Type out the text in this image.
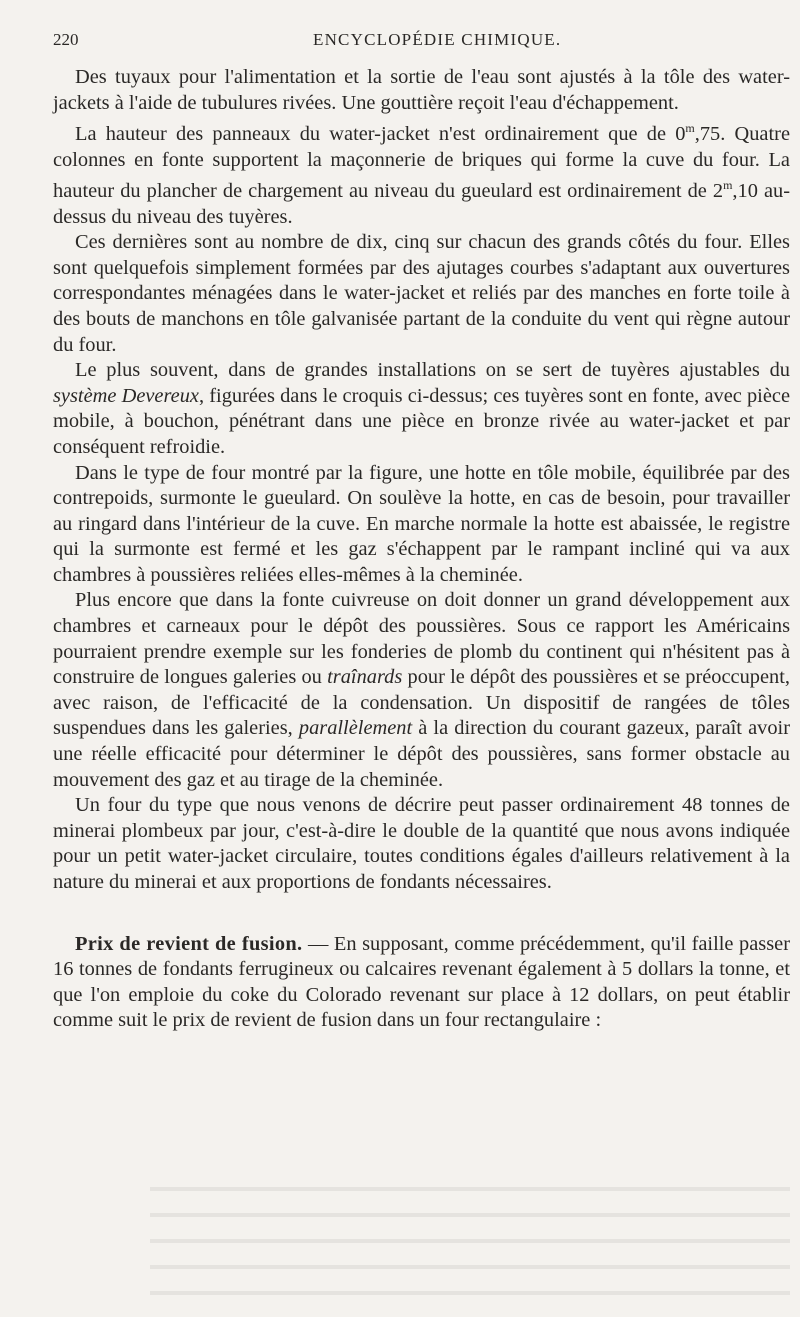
220	ENCYCLOPÉDIE CHIMIQUE.

Des tuyaux pour l'alimentation et la sortie de l'eau sont ajustés à la tôle des water-jackets à l'aide de tubulures rivées. Une gouttière reçoit l'eau d'échappement.

La hauteur des panneaux du water-jacket n'est ordinairement que de 0$^m$,75. Quatre colonnes en fonte supportent la maçonnerie de briques qui forme la cuve du four. La hauteur du plancher de chargement au niveau du gueulard est ordinairement de 2$^m$,10 au-dessus du niveau des tuyères.

Ces dernières sont au nombre de dix, cinq sur chacun des grands côtés du four. Elles sont quelquefois simplement formées par des ajutages courbes s'adaptant aux ouvertures correspondantes ménagées dans le water-jacket et reliés par des manches en forte toile à des bouts de manchons en tôle galvanisée partant de la conduite du vent qui règne autour du four.

Le plus souvent, dans de grandes installations on se sert de tuyères ajustables du système Devereux, figurées dans le croquis ci-dessus; ces tuyères sont en fonte, avec pièce mobile, à bouchon, pénétrant dans une pièce en bronze rivée au water-jacket et par conséquent refroidie.

Dans le type de four montré par la figure, une hotte en tôle mobile, équilibrée par des contrepoids, surmonte le gueulard. On soulève la hotte, en cas de besoin, pour travailler au ringard dans l'intérieur de la cuve. En marche normale la hotte est abaissée, le registre qui la surmonte est fermé et les gaz s'échappent par le rampant incliné qui va aux chambres à poussières reliées elles-mêmes à la cheminée.

Plus encore que dans la fonte cuivreuse on doit donner un grand développement aux chambres et carneaux pour le dépôt des poussières. Sous ce rapport les Américains pourraient prendre exemple sur les fonderies de plomb du continent qui n'hésitent pas à construire de longues galeries ou traînards pour le dépôt des poussières et se préoccupent, avec raison, de l'efficacité de la condensation. Un dispositif de rangées de tôles suspendues dans les galeries, parallèlement à la direction du courant gazeux, paraît avoir une réelle efficacité pour déterminer le dépôt des poussières, sans former obstacle au mouvement des gaz et au tirage de la cheminée.

Un four du type que nous venons de décrire peut passer ordinairement 48 tonnes de minerai plombeux par jour, c'est-à-dire le double de la quantité que nous avons indiquée pour un petit water-jacket circulaire, toutes conditions égales d'ailleurs relativement à la nature du minerai et aux proportions de fondants nécessaires.

Prix de revient de fusion. — En supposant, comme précédemment, qu'il faille passer 16 tonnes de fondants ferrugineux ou calcaires revenant également à 5 dollars la tonne, et que l'on emploie du coke du Colorado revenant sur place à 12 dollars, on peut établir comme suit le prix de revient de fusion dans un four rectangulaire :
